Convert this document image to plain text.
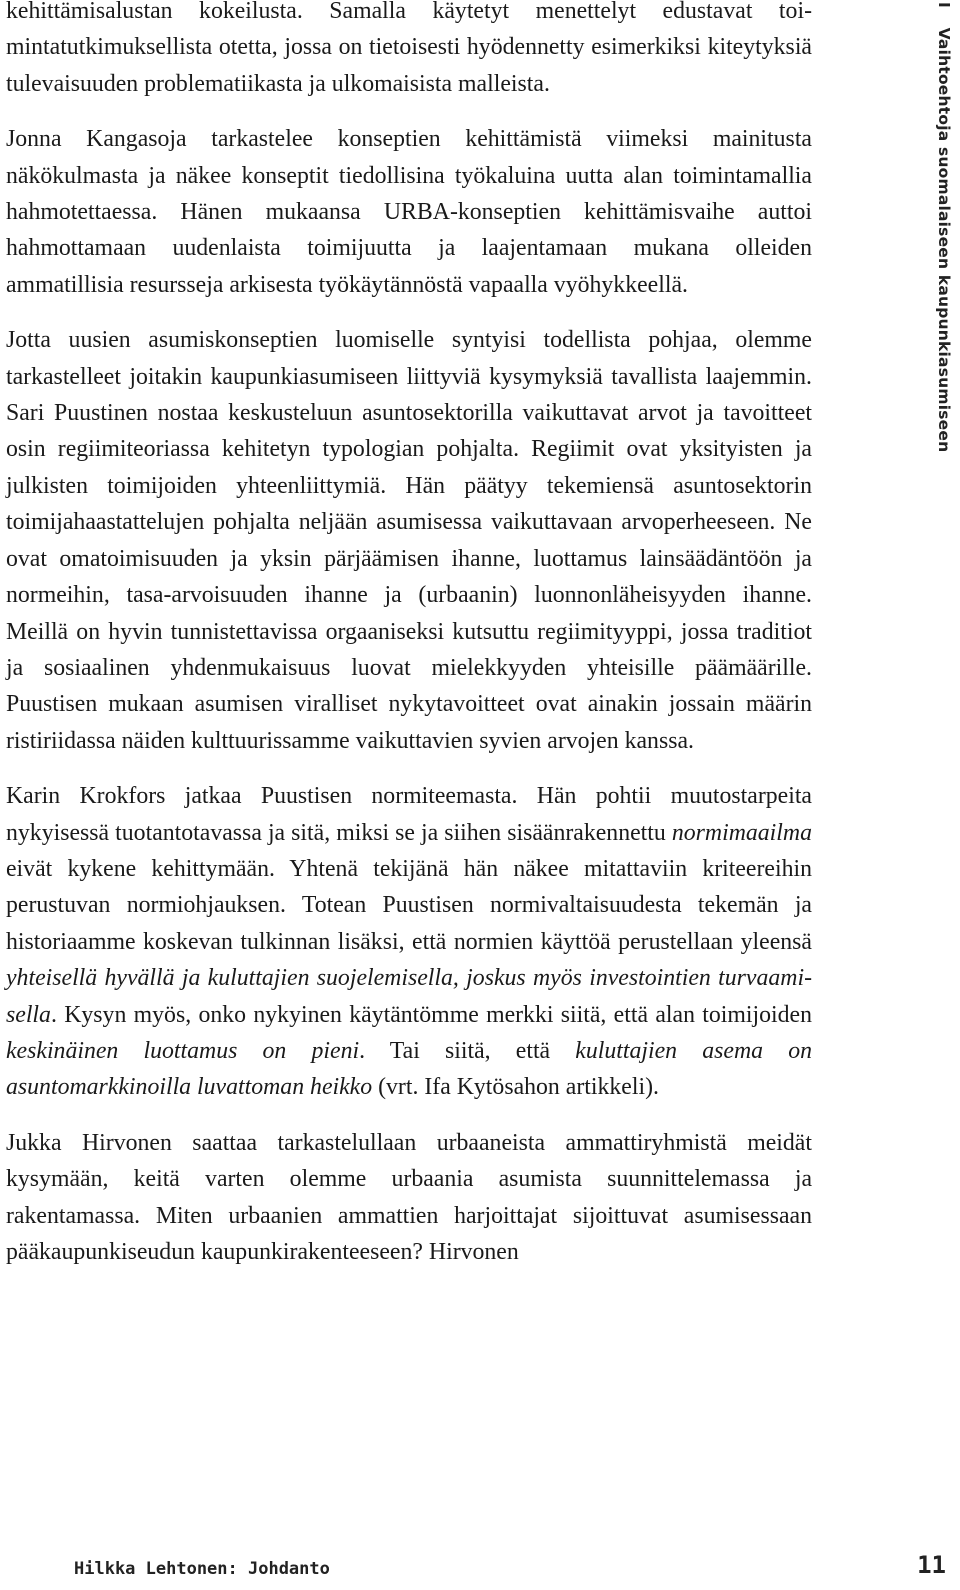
I Vaihtoehtoja suomalaiseen kaupunkiasumiseen

kehittämisalustan kokeilusta. Samalla käytetyt menettelyt edustavat toimintatutkimuksellista otetta, jossa on tietoisesti hyödennetty esimerkiksi kiteytyksiä tulevaisuuden problematiikasta ja ulkomaisista malleista.

Jonna Kangasoja tarkastelee konseptien kehittämistä viimeksi mainitusta näkökulmasta ja näkee konseptit tiedollisina työkaluina uutta alan toimintamallia hahmotettaessa. Hänen mukaansa URBA-konseptien kehittämisvaihe auttoi hahmottamaan uudenlaista toimijuutta ja laajentamaan mukana olleiden ammatillisia resursseja arkisesta työkäytännöstä vapaalla vyöhykkeellä.

Jotta uusien asumiskonseptien luomiselle syntyisi todellista pohjaa, olemme tarkastelleet joitakin kaupunkiasumiseen liittyviä kysymyksiä tavallista laajemmin. Sari Puustinen nostaa keskusteluun asuntosektorilla vaikuttavat arvot ja tavoitteet osin regiimiteoriassa kehitetyn typologian pohjalta. Regiimit ovat yksityisten ja julkisten toimijoiden yhteenliittymiä. Hän päätyy tekemiensä asuntosektorin toimijahaastattelujen pohjalta neljään asumisessa vaikuttavaan arvoperheeseen. Ne ovat omatoimisuuden ja yksin pärjäämisen ihanne, luottamus lainsäädäntöön ja normeihin, tasa-arvoisuuden ihanne ja (urbaanin) luonnonläheisyyden ihanne. Meillä on hyvin tunnistettavissa orgaaniseksi kutsuttu regiimityyppi, jossa traditiot ja sosiaalinen yhdenmukaisuus luovat mielekkyyden yhteisille päämäärille. Puustisen mukaan asumisen viralliset nykytavoitteet ovat ainakin jossain määrin ristiriidassa näiden kulttuurissamme vaikuttavien syvien arvojen kanssa.

Karin Krokfors jatkaa Puustisen normiteemasta. Hän pohtii muutostarpeita nykyisessä tuotantotavassa ja sitä, miksi se ja siihen sisäänrakennettu normimaailma eivät kykene kehittymään. Yhtenä tekijänä hän näkee mitattaviin kriteereihin perustuvan normiohjauksen. Totean Puustisen normivaltaisuudesta tekemän ja historiaamme koskevan tulkinnan lisäksi, että normien käyttöä perustellaan yleensä yhteisellä hyvällä ja kuluttajien suojelemisella, joskus myös investointien turvaamisella. Kysyn myös, onko nykyinen käytäntömme merkki siitä, että alan toimijoiden keskinäinen luottamus on pieni. Tai siitä, että kuluttajien asema on asuntomarkkinoilla luvattoman heikko (vrt. Ifa Kytösahon artikkeli).

Jukka Hirvonen saattaa tarkastelullaan urbaaneista ammattiryhmistä meidät kysymään, keitä varten olemme urbaania asumista suunnittelemassa ja rakentamassa. Miten urbaanien ammattien harjoittajat sijoittuvat asumisessaan pääkaupunkiseudun kaupunkirakenteeseen? Hirvonen

Hilkka Lehtonen: Johdanto	11
